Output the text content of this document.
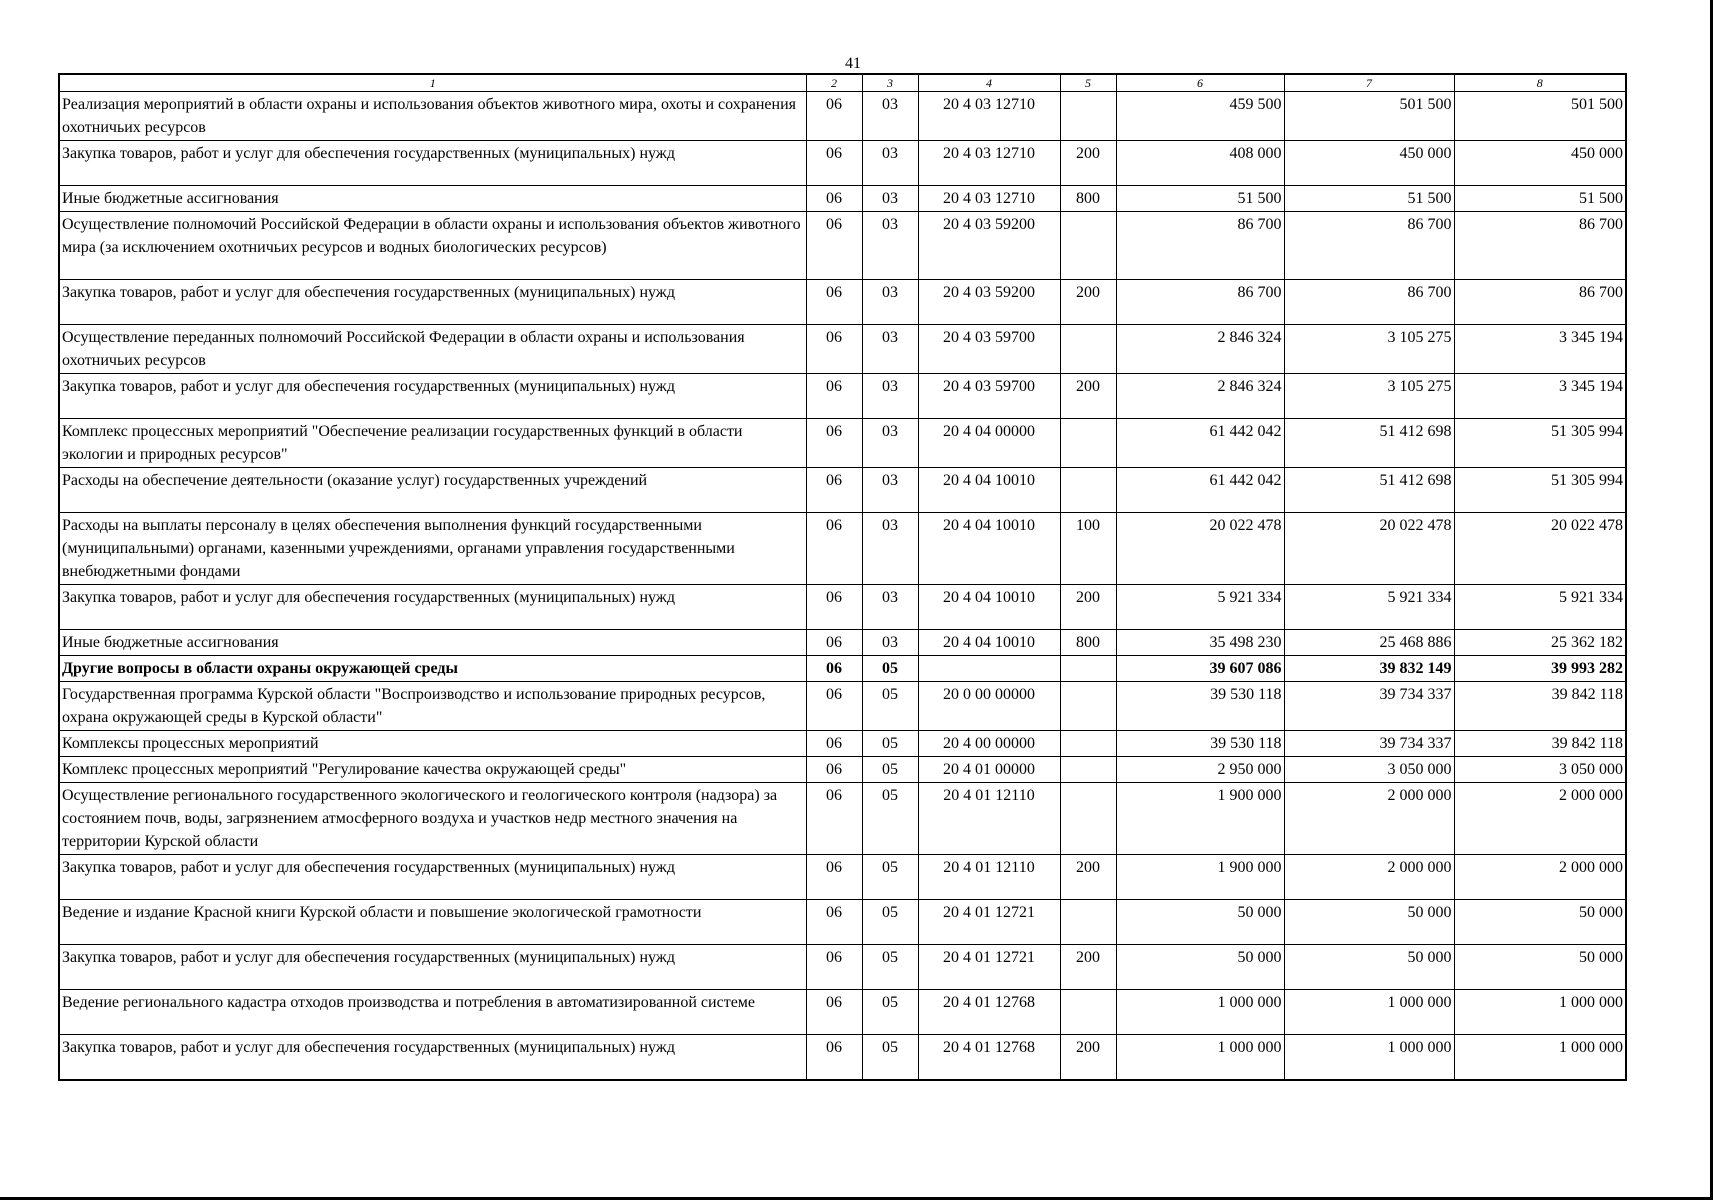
41
1	2	3	4	5	6	7	8
Реализация мероприятий в области охраны и использования объектов животного мира, охоты и сохранения охотничьих ресурсов	06	03	20 4 03 12710		459 500	501 500	501 500
Закупка товаров, работ и услуг для обеспечения государственных (муниципальных) нужд	06	03	20 4 03 12710	200	408 000	450 000	450 000
Иные бюджетные ассигнования	06	03	20 4 03 12710	800	51 500	51 500	51 500
Осуществление полномочий Российской Федерации в области охраны и использования объектов животного мира (за исключением охотничьих ресурсов и водных биологических ресурсов)	06	03	20 4 03 59200		86 700	86 700	86 700
Закупка товаров, работ и услуг для обеспечения государственных (муниципальных) нужд	06	03	20 4 03 59200	200	86 700	86 700	86 700
Осуществление переданных полномочий Российской Федерации в области охраны и использования охотничьих ресурсов	06	03	20 4 03 59700		2 846 324	3 105 275	3 345 194
Закупка товаров, работ и услуг для обеспечения государственных (муниципальных) нужд	06	03	20 4 03 59700	200	2 846 324	3 105 275	3 345 194
Комплекс процессных мероприятий "Обеспечение реализации государственных функций в области экологии и природных ресурсов"	06	03	20 4 04 00000		61 442 042	51 412 698	51 305 994
Расходы на обеспечение деятельности (оказание услуг) государственных учреждений	06	03	20 4 04 10010		61 442 042	51 412 698	51 305 994
Расходы на выплаты персоналу в целях обеспечения выполнения функций государственными (муниципальными) органами, казенными учреждениями, органами управления государственными внебюджетными фондами	06	03	20 4 04 10010	100	20 022 478	20 022 478	20 022 478
Закупка товаров, работ и услуг для обеспечения государственных (муниципальных) нужд	06	03	20 4 04 10010	200	5 921 334	5 921 334	5 921 334
Иные бюджетные ассигнования	06	03	20 4 04 10010	800	35 498 230	25 468 886	25 362 182
Другие вопросы в области охраны окружающей среды	06	05			39 607 086	39 832 149	39 993 282
Государственная программа Курской области "Воспроизводство и использование природных ресурсов, охрана окружающей среды в Курской области"	06	05	20 0 00 00000		39 530 118	39 734 337	39 842 118
Комплексы процессных мероприятий	06	05	20 4 00 00000		39 530 118	39 734 337	39 842 118
Комплекс процессных мероприятий "Регулирование качества окружающей среды"	06	05	20 4 01 00000		2 950 000	3 050 000	3 050 000
Осуществление регионального государственного экологического и геологического контроля (надзора) за состоянием почв, воды, загрязнением атмосферного воздуха и участков недр местного значения на территории Курской области	06	05	20 4 01 12110		1 900 000	2 000 000	2 000 000
Закупка товаров, работ и услуг для обеспечения государственных (муниципальных) нужд	06	05	20 4 01 12110	200	1 900 000	2 000 000	2 000 000
Ведение и издание Красной книги Курской области и повышение экологической грамотности	06	05	20 4 01 12721		50 000	50 000	50 000
Закупка товаров, работ и услуг для обеспечения государственных (муниципальных) нужд	06	05	20 4 01 12721	200	50 000	50 000	50 000
Ведение регионального кадастра отходов производства и потребления в автоматизированной системе	06	05	20 4 01 12768		1 000 000	1 000 000	1 000 000
Закупка товаров, работ и услуг для обеспечения государственных (муниципальных) нужд	06	05	20 4 01 12768	200	1 000 000	1 000 000	1 000 000
